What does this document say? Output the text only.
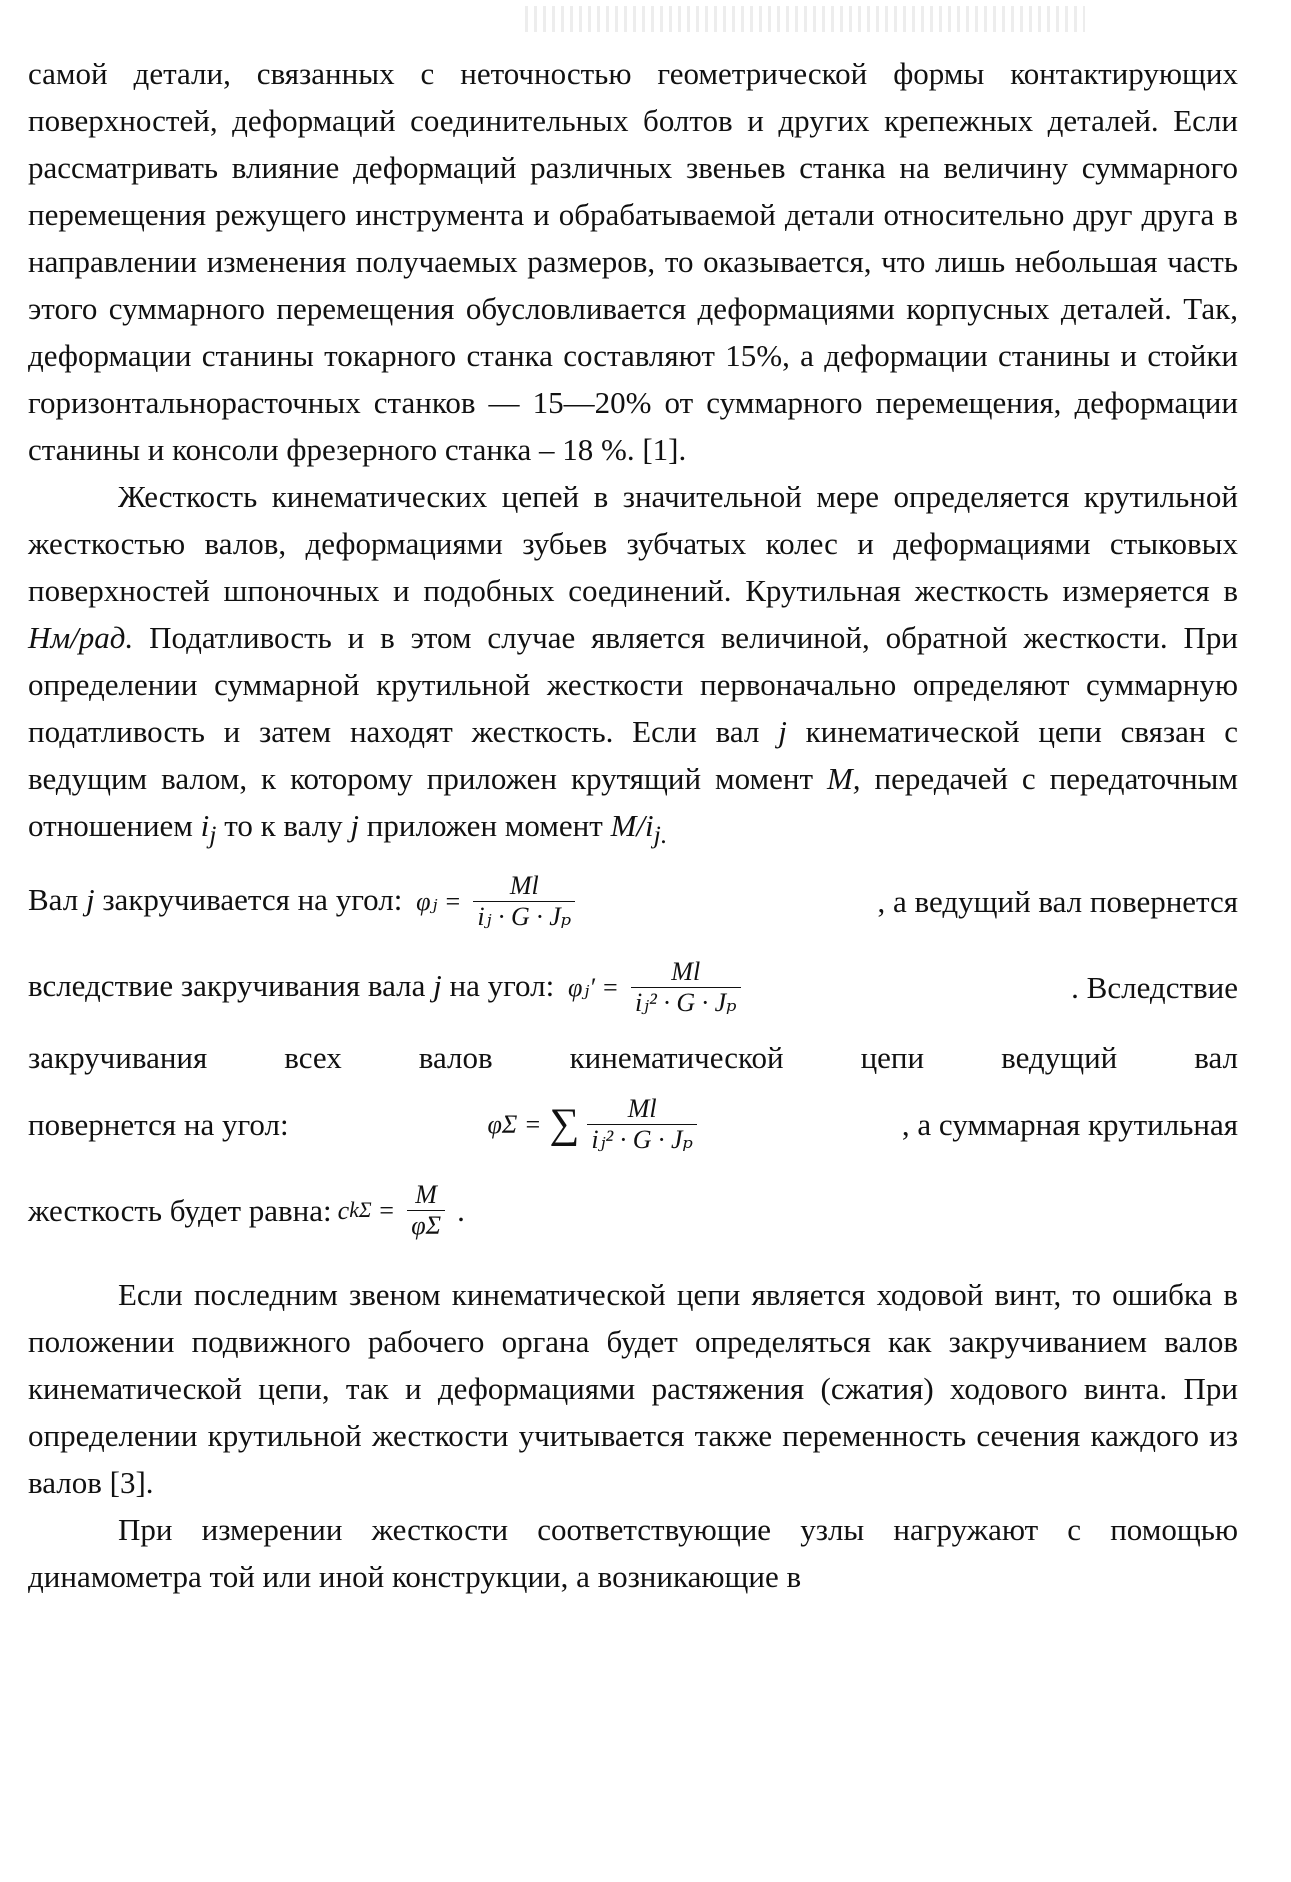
самой детали, связанных с неточностью геометрической формы контактирующих поверхностей, деформаций соединительных болтов и других крепежных деталей. Если рассматривать влияние деформаций различных звеньев станка на величину суммарного перемещения режущего инструмента и обрабатываемой детали относительно друг друга в направлении изменения получаемых размеров, то оказывается, что лишь небольшая часть этого суммарного перемещения обусловливается деформациями корпусных деталей. Так, деформации станины токарного станка составляют 15%, а деформации станины и стойки горизонтальнорасточных станков — 15—20% от суммарного перемещения, деформации станины и консоли фрезерного станка – 18 %. [1].

Жесткость кинематических цепей в значительной мере определяется крутильной жесткостью валов, деформациями зубьев зубчатых колес и деформациями стыковых поверхностей шпоночных и подобных соединений. Крутильная жесткость измеряется в Нм/рад. Податливость и в этом случае является величиной, обратной жесткости. При определении суммарной крутильной жесткости первоначально определяют суммарную податливость и затем находят жесткость. Если вал j кинематической цепи связан с ведущим валом, к которому приложен крутящий момент М, передачей с передаточным отношением $i_j$ то к валу j приложен момент $М/i_{j.}$

Вал j закручивается на угол: φⱼ = $\frac{Ml}{\text{iⱼ · G · Jₚ}}$	, а ведущий вал повернется
вследствие закручивания вала j на угол: φⱼ′ = $\frac{Ml}{\text{iⱼ² · G · Jₚ}}$	. Вследствие

закручивания всех валов кинематической цепи ведущий вал

повернется на угол:	φΣ = ∑ $\frac{Ml}{\text{iⱼ² · G · Jₚ}}$	, а суммарная крутильная
жесткость будет равна: c $k\Sigma = \frac{M}{\varphi\Sigma}$ .

Если последним звеном кинематической цепи является ходовой винт, то ошибка в положении подвижного рабочего органа будет определяться как закручиванием валов кинематической цепи, так и деформациями растяжения (сжатия) ходового винта. При определении крутильной жесткости учитывается также переменность сечения каждого из валов [3].

При измерении жесткости соответствующие узлы нагружают с помощью динамометра той или иной конструкции, а возникающие в
